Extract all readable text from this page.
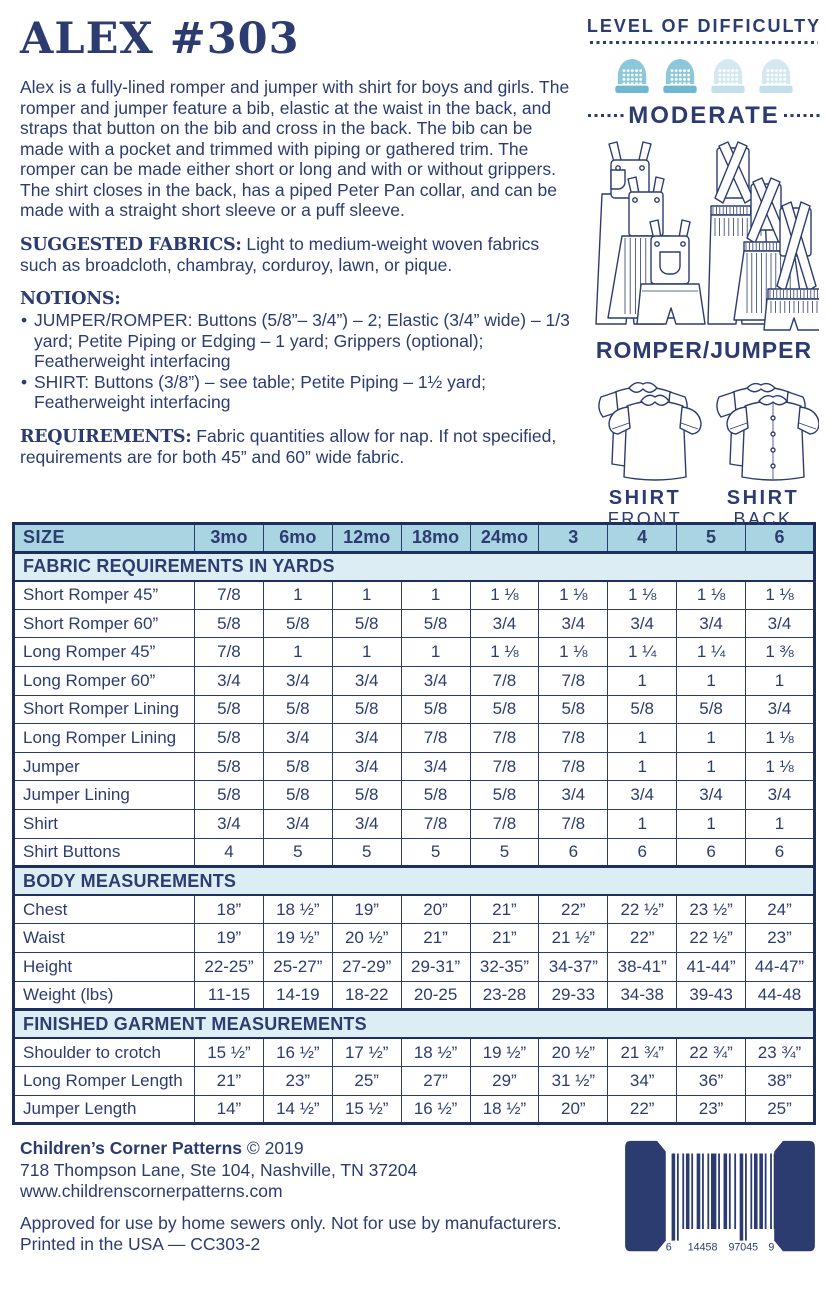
ALEX #303

Alex is a fully-lined romper and jumper with shirt for boys and girls. The romper and jumper feature a bib, elastic at the waist in the back, and straps that button on the bib and cross in the back. The bib can be made with a pocket and trimmed with piping or gathered trim. The romper can be made either short or long and with or without grippers. The shirt closes in the back, has a piped Peter Pan collar, and can be made with a straight short sleeve or a puff sleeve.

SUGGESTED FABRICS: Light to medium-weight woven fabrics such as broadcloth, chambray, corduroy, lawn, or pique.

NOTIONS:
• JUMPER/ROMPER: Buttons (5/8”– 3/4”) – 2; Elastic (3/4” wide) – 1/3 yard; Petite Piping or Edging – 1 yard; Grippers (optional); Featherweight interfacing
• SHIRT: Buttons (3/8”) – see table; Petite Piping – 1½ yard; Featherweight interfacing

REQUIREMENTS: Fabric quantities allow for nap. If not specified, requirements are for both 45” and 60” wide fabric.

LEVEL OF DIFFICULTY
MODERATE
ROMPER/JUMPER
SHIRT
FRONT
SHIRT
BACK
SIZE	3mo	6mo	12mo	18mo	24mo	3	4	5	6
FABRIC REQUIREMENTS IN YARDS									
Short Romper 45”	7/8	1	1	1	1 ⅛	1 ⅛	1 ⅛	1 ⅛	1 ⅛
Short Romper 60”	5/8	5/8	5/8	5/8	3/4	3/4	3/4	3/4	3/4
Long Romper 45”	7/8	1	1	1	1 ⅛	1 ⅛	1 ¼	1 ¼	1 ⅜
Long Romper 60”	3/4	3/4	3/4	3/4	7/8	7/8	1	1	1
Short Romper Lining	5/8	5/8	5/8	5/8	5/8	5/8	5/8	5/8	3/4
Long Romper Lining	5/8	3/4	3/4	7/8	7/8	7/8	1	1	1 ⅛
Jumper	5/8	5/8	3/4	3/4	7/8	7/8	1	1	1 ⅛
Jumper Lining	5/8	5/8	5/8	5/8	5/8	3/4	3/4	3/4	3/4
Shirt	3/4	3/4	3/4	7/8	7/8	7/8	1	1	1
Shirt Buttons	4	5	5	5	5	6	6	6	6
BODY MEASUREMENTS									
Chest	18”	18 ½”	19”	20”	21”	22”	22 ½”	23 ½”	24”
Waist	19”	19 ½”	20 ½”	21”	21”	21 ½”	22”	22 ½”	23”
Height	22-25”	25-27”	27-29”	29-31”	32-35”	34-37”	38-41”	41-44”	44-47”
Weight (lbs)	11-15	14-19	18-22	20-25	23-28	29-33	34-38	39-43	44-48
FINISHED GARMENT MEASUREMENTS									
Shoulder to crotch	15 ½”	16 ½”	17 ½”	18 ½”	19 ½”	20 ½”	21 ¾”	22 ¾”	23 ¾”
Long Romper Length	21”	23”	25”	27”	29”	31 ½”	34”	36”	38”
Jumper Length	14”	14 ½”	15 ½”	16 ½”	18 ½”	20”	22”	23”	25”
Children’s Corner Patterns © 2019
718 Thompson Lane, Ste 104, Nashville, TN 37204
www.childrenscornerpatterns.com
Approved for use by home sewers only. Not for use by manufacturers.
Printed in the USA — CC303-2	6 14458 97045 9
